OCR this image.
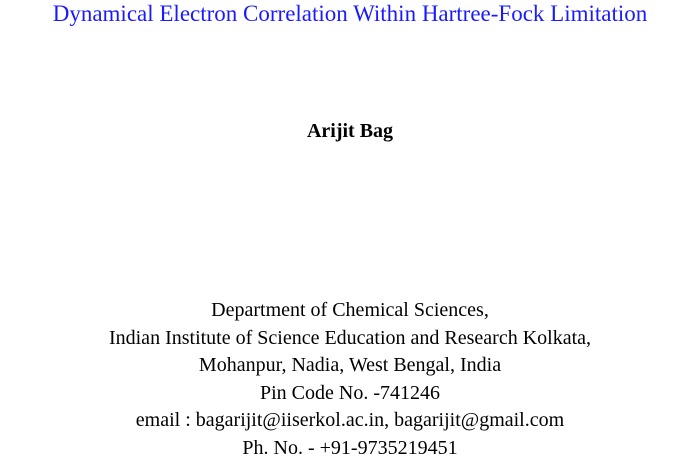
Dynamical Electron Correlation Within Hartree-Fock Limitation
Arijit Bag
Department of Chemical Sciences,
Indian Institute of Science Education and Research Kolkata,
Mohanpur, Nadia, West Bengal, India
Pin Code No. -741246
email : bagarijit@iiserkol.ac.in, bagarijit@gmail.com
Ph. No. - +91-9735219451
